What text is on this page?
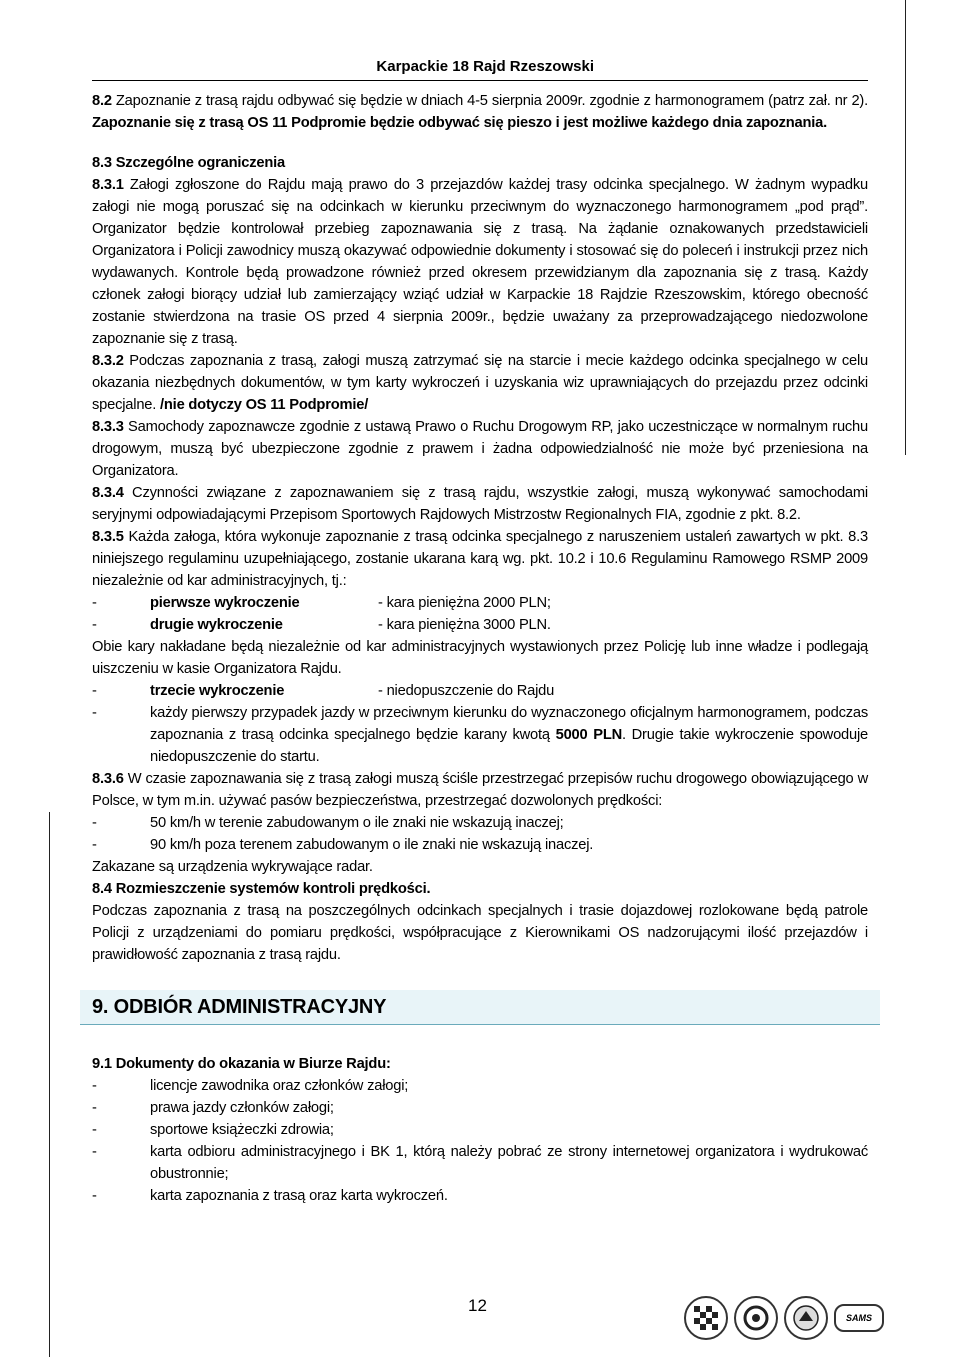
Karpackie 18 Rajd Rzeszowski

8.2 Zapoznanie z trasą rajdu odbywać się będzie w dniach 4-5 sierpnia 2009r. zgodnie z harmonogramem (patrz zał. nr 2). Zapoznanie się z trasą OS 11 Podpromie będzie odbywać się pieszo i jest możliwe każdego dnia zapoznania.

8.3 Szczególne ograniczenia

8.3.1 Załogi zgłoszone do Rajdu mają prawo do 3 przejazdów każdej trasy odcinka specjalnego. W żadnym wypadku załogi nie mogą poruszać się na odcinkach w kierunku przeciwnym do wyznaczonego harmonogramem „pod prąd”. Organizator będzie kontrolował przebieg zapoznawania się z trasą. Na żądanie oznakowanych przedstawicieli Organizatora i Policji zawodnicy muszą okazywać odpowiednie dokumenty i stosować się do poleceń i instrukcji przez nich wydawanych. Kontrole będą prowadzone również przed okresem przewidzianym dla zapoznania się z trasą. Każdy członek załogi biorący udział lub zamierzający wziąć udział w Karpackie 18 Rajdzie Rzeszowskim, którego obecność zostanie stwierdzona na trasie OS przed 4 sierpnia 2009r., będzie uważany za przeprowadzającego niedozwolone zapoznanie się z trasą.

8.3.2 Podczas zapoznania z trasą, załogi muszą zatrzymać się na starcie i mecie każdego odcinka specjalnego w celu okazania niezbędnych dokumentów, w tym karty wykroczeń i uzyskania wiz uprawniających do przejazdu przez odcinki specjalne. /nie dotyczy OS 11 Podpromie/

8.3.3 Samochody zapoznawcze zgodnie z ustawą Prawo o Ruchu Drogowym RP, jako uczestniczące w normalnym ruchu drogowym, muszą być ubezpieczone zgodnie z prawem i żadna odpowiedzialność nie może być przeniesiona na Organizatora.

8.3.4 Czynności związane z zapoznawaniem się z trasą rajdu, wszystkie załogi, muszą wykonywać samochodami seryjnymi odpowiadającymi Przepisom Sportowych Rajdowych Mistrzostw Regionalnych FIA, zgodnie z pkt. 8.2.

8.3.5 Każda załoga, która wykonuje zapoznanie z trasą odcinka specjalnego z naruszeniem ustaleń zawartych w pkt. 8.3 niniejszego regulaminu uzupełniającego, zostanie ukarana karą wg. pkt. 10.2 i 10.6 Regulaminu Ramowego RSMP 2009 niezależnie od kar administracyjnych, tj.:

-	pierwsze wykroczenie	- kara pieniężna 2000 PLN;
-	drugie wykroczenie	- kara pieniężna 3000 PLN.

Obie kary nakładane będą niezależnie od kar administracyjnych wystawionych przez Policję lub inne władze i podlegają uiszczeniu w kasie Organizatora Rajdu.

-	trzecie wykroczenie	- niedopuszczenie do Rajdu
-	każdy pierwszy przypadek jazdy w przeciwnym kierunku do wyznaczonego oficjalnym harmonogramem, podczas zapoznania z trasą odcinka specjalnego będzie karany kwotą 5000 PLN. Drugie takie wykroczenie spowoduje niedopuszczenie do startu.

8.3.6 W czasie zapoznawania się z trasą załogi muszą ściśle przestrzegać przepisów ruchu drogowego obowiązującego w Polsce, w tym m.in. używać pasów bezpieczeństwa, przestrzegać dozwolonych prędkości:

-	50 km/h w terenie zabudowanym o ile znaki nie wskazują inaczej;
-	90 km/h poza terenem zabudowanym o ile znaki nie wskazują inaczej.

Zakazane są urządzenia wykrywające radar.

8.4 Rozmieszczenie systemów kontroli prędkości.

Podczas zapoznania z trasą na poszczególnych odcinkach specjalnych i trasie dojazdowej rozlokowane będą patrole Policji z urządzeniami do pomiaru prędkości, współpracujące z Kierownikami OS nadzorującymi ilość przejazdów i prawidłowość zapoznania z trasą rajdu.

9. ODBIÓR ADMINISTRACYJNY

9.1 Dokumenty do okazania w Biurze Rajdu:

-	licencje zawodnika oraz członków załogi;
-	prawa jazdy członków załogi;
-	sportowe książeczki zdrowia;
-	karta odbioru administracyjnego i BK 1, którą należy pobrać ze strony internetowej organizatora i wydrukować obustronnie;
-	karta zapoznania z trasą oraz karta wykroczeń.
12
SAMS
